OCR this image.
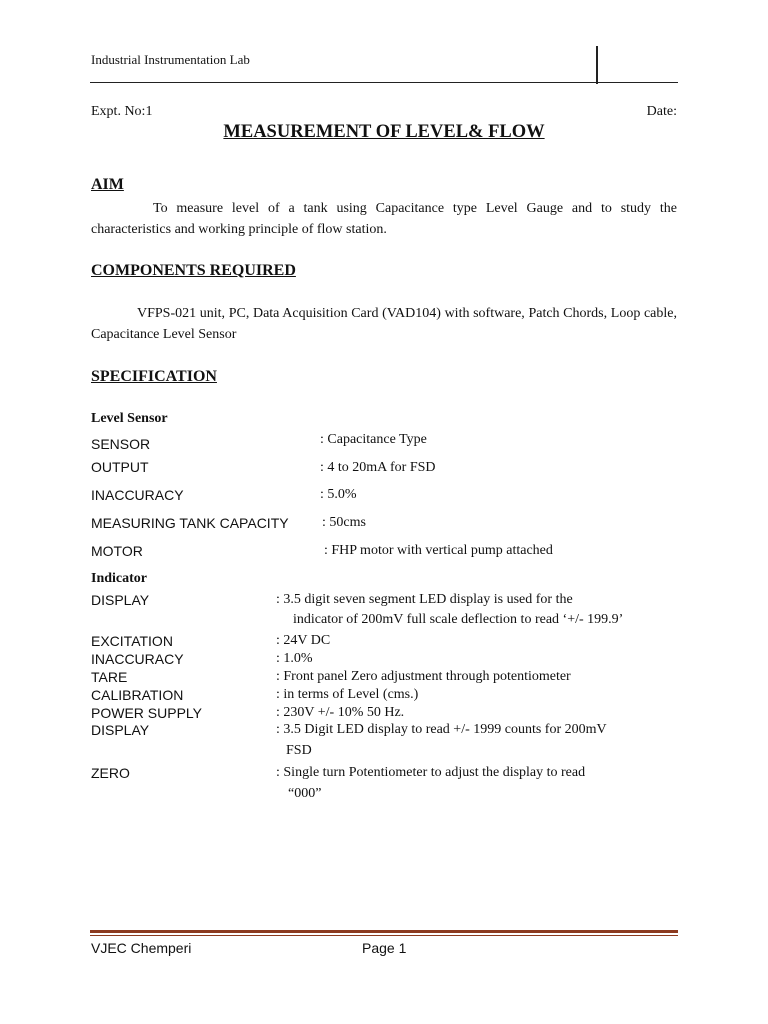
Industrial Instrumentation Lab
Expt. No:1	Date:
MEASUREMENT OF LEVEL& FLOW
AIM
To measure level of a tank using Capacitance type Level Gauge and to study the characteristics and working principle of flow station.
COMPONENTS REQUIRED
VFPS-021 unit, PC, Data Acquisition Card (VAD104) with software, Patch Chords, Loop cable, Capacitance Level Sensor
SPECIFICATION
Level Sensor
SENSOR	: Capacitance Type
OUTPUT	: 4 to 20mA for FSD
INACCURACY	: 5.0%
MEASURING TANK CAPACITY : 50cms
MOTOR	: FHP motor with vertical pump attached
Indicator
DISPLAY	: 3.5 digit seven segment LED display is used for the
indicator of 200mV full scale deflection to read ‘+/- 199.9’
EXCITATION	: 24V DC
INACCURACY	: 1.0%
TARE	: Front panel Zero adjustment through potentiometer
CALIBRATION	: in terms of Level (cms.)
POWER SUPPLY	: 230V +/- 10% 50 Hz.
DISPLAY	: 3.5 Digit LED display to read +/- 1999 counts for 200mV
FSD
ZERO	: Single turn Potentiometer to adjust the display to read
“000”
VJEC Chemperi	Page 1
